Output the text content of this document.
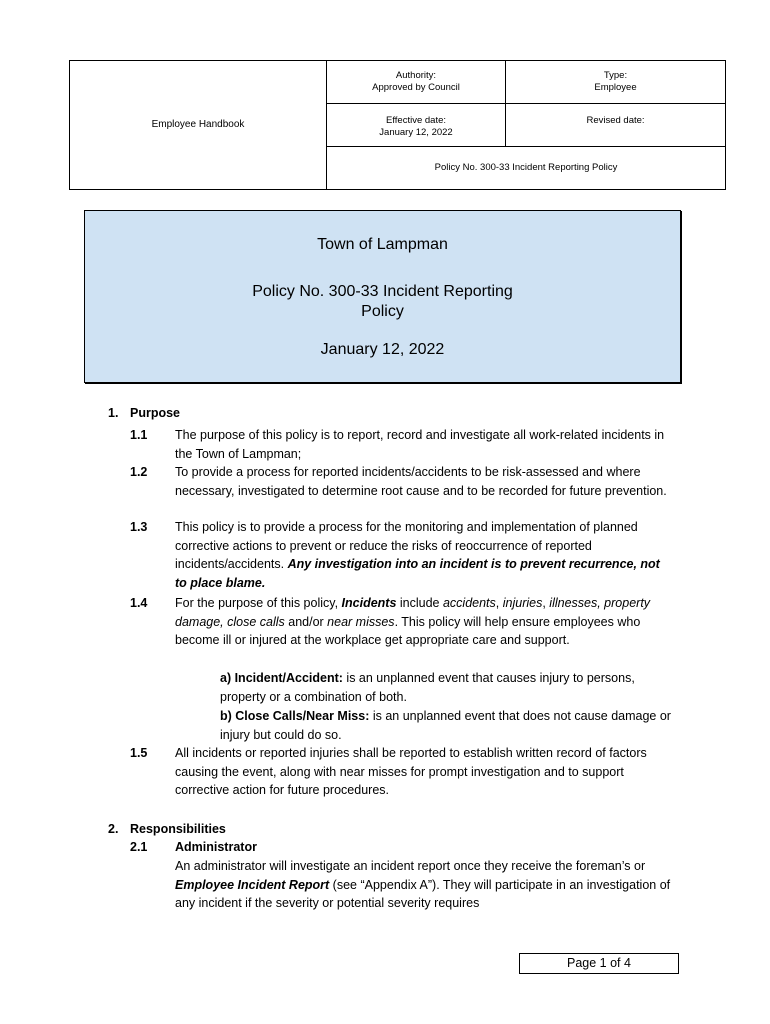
Employee Handbook
Authority:
Approved by Council
Type:
Employee
Effective date:
January 12, 2022
Revised date:
Policy No. 300-33 Incident Reporting Policy
Town of Lampman
Policy No. 300-33 Incident Reporting
Policy
January 12, 2022
1. Purpose
1.1 The purpose of this policy is to report, record and investigate all work-related incidents in the Town of Lampman;
1.2 To provide a process for reported incidents/accidents to be risk-assessed and where necessary, investigated to determine root cause and to be recorded for future prevention.
1.3 This policy is to provide a process for the monitoring and implementation of planned corrective actions to prevent or reduce the risks of reoccurrence of reported incidents/accidents. Any investigation into an incident is to prevent recurrence, not to place blame.
1.4 For the purpose of this policy, Incidents include accidents, injuries, illnesses, property damage, close calls and/or near misses. This policy will help ensure employees who become ill or injured at the workplace get appropriate care and support.
a) Incident/Accident: is an unplanned event that causes injury to persons, property or a combination of both.
b) Close Calls/Near Miss: is an unplanned event that does not cause damage or injury but could do so.
1.5 All incidents or reported injuries shall be reported to establish written record of factors causing the event, along with near misses for prompt investigation and to support corrective action for future procedures.
2. Responsibilities
2.1 Administrator
An administrator will investigate an incident report once they receive the foreman’s or Employee Incident Report (see “Appendix A”). They will participate in an investigation of any incident if the severity or potential severity requires
Page 1 of 4
